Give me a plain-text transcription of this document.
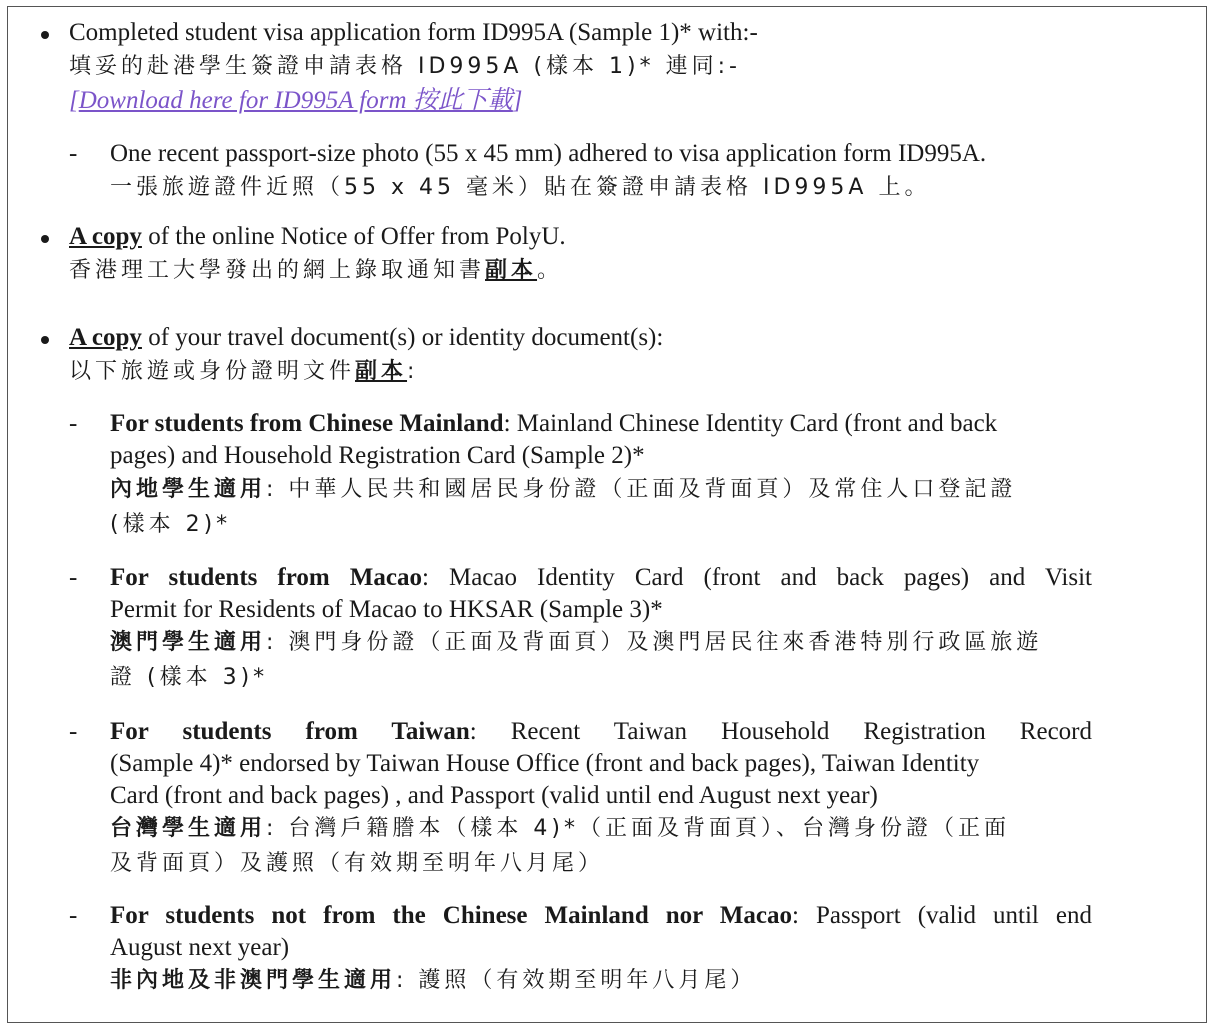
Completed student visa application form ID995A (Sample 1)* with:-
填妥的赴港學生簽證申請表格 ID995A (樣本 1)* 連同:-
[Download here for ID995A form 按此下載]
- One recent passport-size photo (55 x 45 mm) adhered to visa application form ID995A.
一張旅遊證件近照（55 x 45 毫米）貼在簽證申請表格 ID995A 上。
A copy of the online Notice of Offer from PolyU.
香港理工大學發出的網上錄取通知書副本。
A copy of your travel document(s) or identity document(s):
以下旅遊或身份證明文件副本:
- For students from Chinese Mainland: Mainland Chinese Identity Card (front and back
pages) and Household Registration Card (Sample 2)*
內地學生適用: 中華人民共和國居民身份證（正面及背面頁）及常住人口登記證
(樣本 2)*
- For students from Macao: Macao Identity Card (front and back pages) and Visit
Permit for Residents of Macao to HKSAR (Sample 3)*
澳門學生適用: 澳門身份證（正面及背面頁）及澳門居民往來香港特別行政區旅遊
證 (樣本 3)*
- For students from Taiwan: Recent Taiwan Household Registration Record
(Sample 4)* endorsed by Taiwan House Office (front and back pages), Taiwan Identity
Card (front and back pages) , and Passport (valid until end August next year)
台灣學生適用: 台灣戶籍謄本（樣本 4)*（正面及背面頁）、台灣身份證（正面
及背面頁）及護照（有效期至明年八月尾）
- For students not from the Chinese Mainland nor Macao: Passport (valid until end
August next year)
非內地及非澳門學生適用: 護照（有效期至明年八月尾）
